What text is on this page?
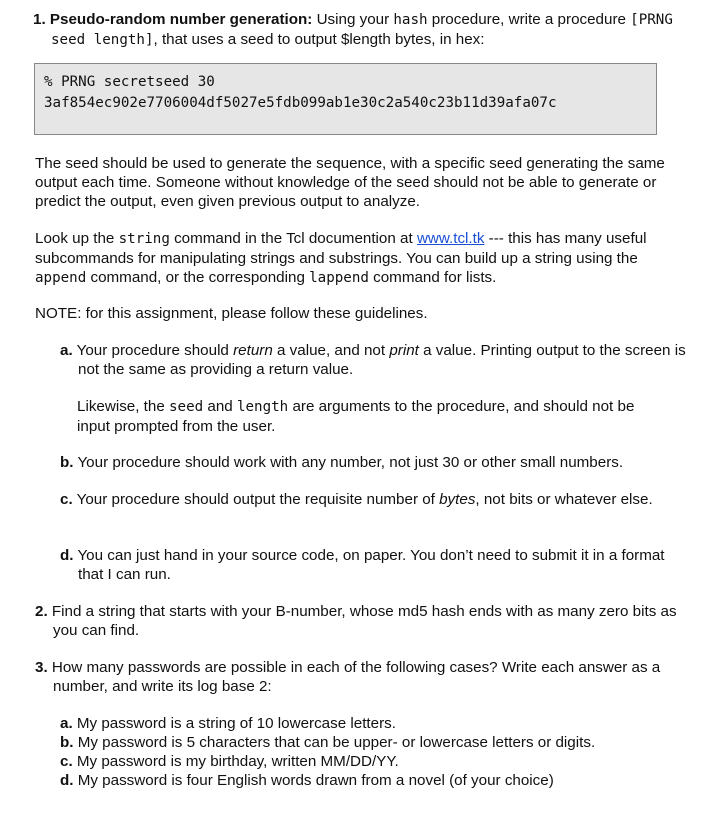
1. Pseudo-random number generation: Using your hash procedure, write a procedure [PRNG seed length], that uses a seed to output $length bytes, in hex:
% PRNG secretseed 30
3af854ec902e7706004df5027e5fdb099ab1e30c2a540c23b11d39afa07c
The seed should be used to generate the sequence, with a specific seed generating the same output each time. Someone without knowledge of the seed should not be able to generate or predict the output, even given previous output to analyze.
Look up the string command in the Tcl documention at www.tcl.tk --- this has many useful subcommands for manipulating strings and substrings. You can build up a string using the append command, or the corresponding lappend command for lists.
NOTE: for this assignment, please follow these guidelines.
a. Your procedure should return a value, and not print a value. Printing output to the screen is not the same as providing a return value.
Likewise, the seed and length are arguments to the procedure, and should not be input prompted from the user.
b. Your procedure should work with any number, not just 30 or other small numbers.
c. Your procedure should output the requisite number of bytes, not bits or whatever else.
d. You can just hand in your source code, on paper. You don’t need to submit it in a format that I can run.
2. Find a string that starts with your B-number, whose md5 hash ends with as many zero bits as you can find.
3. How many passwords are possible in each of the following cases? Write each answer as a number, and write its log base 2:
a. My password is a string of 10 lowercase letters.
b. My password is 5 characters that can be upper- or lowercase letters or digits.
c. My password is my birthday, written MM/DD/YY.
d. My password is four English words drawn from a novel (of your choice)
